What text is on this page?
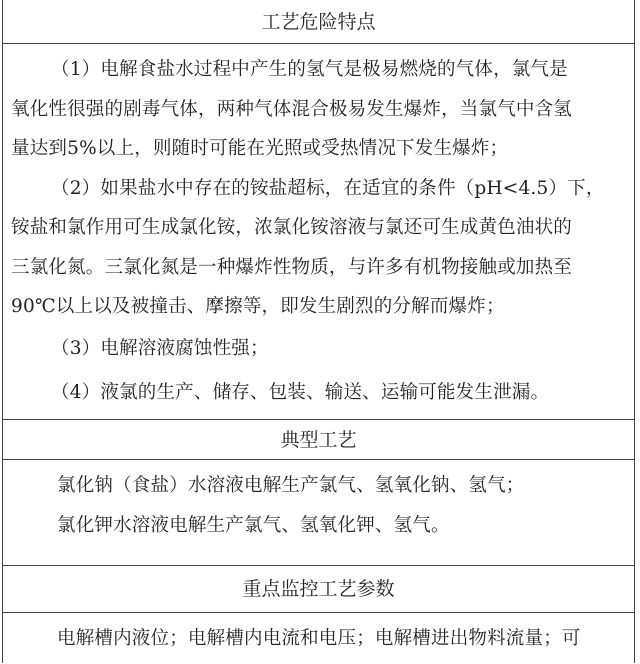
工艺危险特点
（1）电解食盐水过程中产生的氢气是极易燃烧的气体，氯气是
氧化性很强的剧毒气体，两种气体混合极易发生爆炸，当氯气中含氢
量达到5%以上，则随时可能在光照或受热情况下发生爆炸；
（2）如果盐水中存在的铵盐超标，在适宜的条件（pH<4.5）下，
铵盐和氯作用可生成氯化铵，浓氯化铵溶液与氯还可生成黄色油状的
三氯化氮。三氯化氮是一种爆炸性物质，与许多有机物接触或加热至
90℃以上以及被撞击、摩擦等，即发生剧烈的分解而爆炸；
（3）电解溶液腐蚀性强；
（4）液氯的生产、储存、包装、输送、运输可能发生泄漏。
典型工艺
氯化钠（食盐）水溶液电解生产氯气、氢氧化钠、氢气；
氯化钾水溶液电解生产氯气、氢氧化钾、氢气。
重点监控工艺参数
电解槽内液位；电解槽内电流和电压；电解槽进出物料流量；可
